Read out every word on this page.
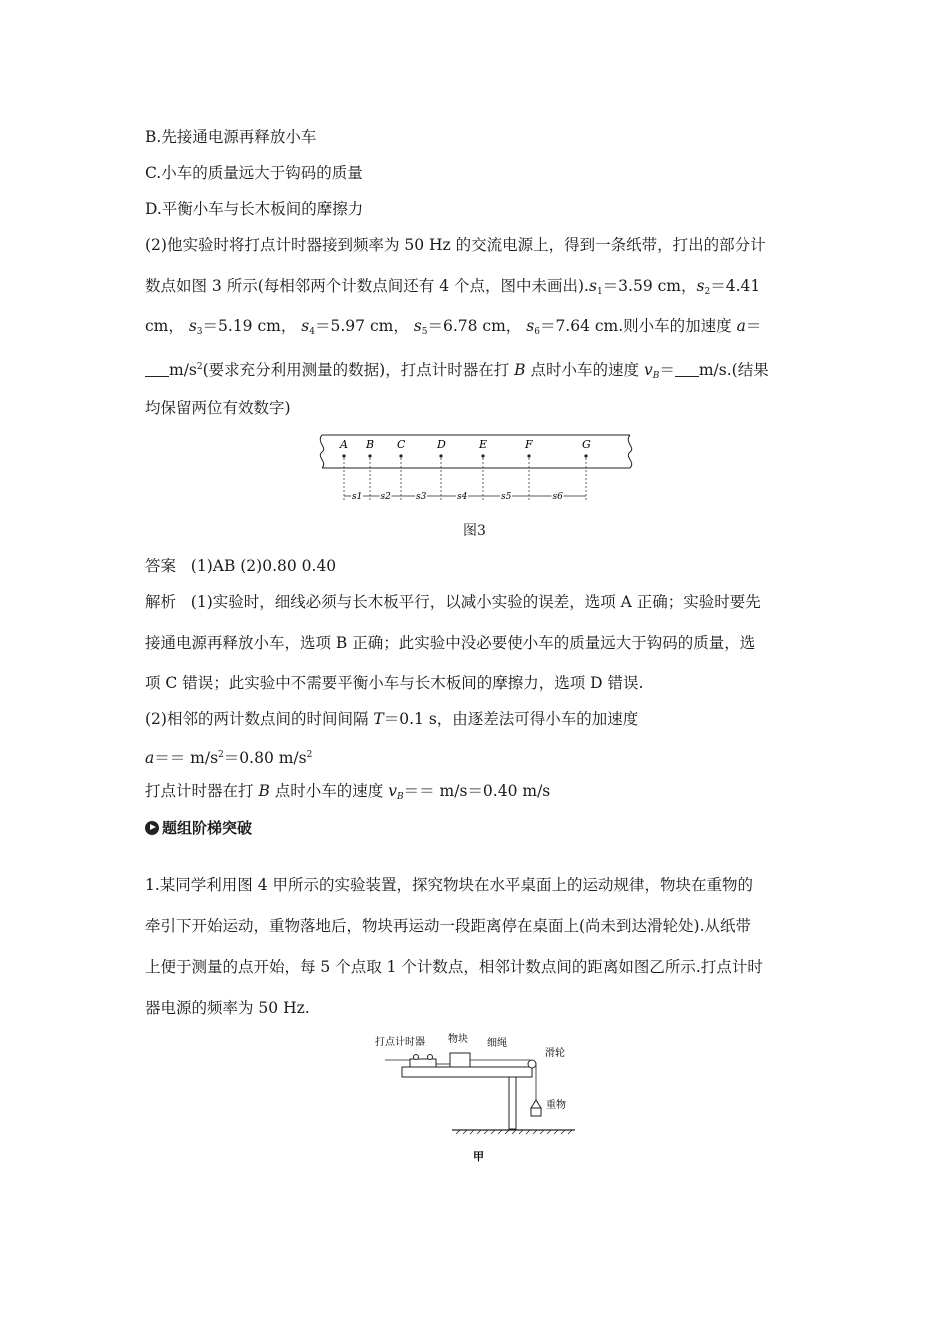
B.先接通电源再释放小车
C.小车的质量远大于钩码的质量
D.平衡小车与长木板间的摩擦力
(2)他实验时将打点计时器接到频率为 50 Hz 的交流电源上，得到一条纸带，打出的部分计
数点如图 3 所示(每相邻两个计数点间还有 4 个点，图中未画出)$.s_1=3.59$ cm，$s_2=4.41$
cm， $s_3=5.19$ cm， $s_4=5.97$ cm， $s_5=6.78$ cm， $s_6=7.64$ cm.则小车的加速度 a＝
$m/s^2$(要求充分利用测量的数据)，打点计时器在打 B 点时小车的速度 $v_B= m/s$.(结果
均保留两位有效数字)
A B C	D	E	F	G
s1 s2	s3	s4	s5	s6
图3
答案 (1)AB (2)0.80 0.40
解析 (1)实验时，细线必须与长木板平行，以减小实验的误差，选项 A 正确；实验时要先
接通电源再释放小车，选项 B 正确；此实验中没必要使小车的质量远大于钩码的质量，选
项 C 错误；此实验中不需要平衡小车与长木板间的摩擦力，选项 D 错误.
(2)相邻的两计数点间的时间间隔 T＝0.1 s，由逐差法可得小车的加速度
$a== m/s^2=0.80$ $m/s^2$
打点计时器在打 B 点时小车的速度 $v_B== m/s=0.40$ m/s
题组阶梯突破
1.某同学利用图 4 甲所示的实验装置，探究物块在水平桌面上的运动规律，物块在重物的
牵引下开始运动，重物落地后，物块再运动一段距离停在桌面上(尚未到达滑轮处).从纸带
上便于测量的点开始，每 5 个点取 1 个计数点，相邻计数点间的距离如图乙所示.打点计时
器电源的频率为 50 Hz.
打点计时器 物块 细绳
滑轮
重物
甲
